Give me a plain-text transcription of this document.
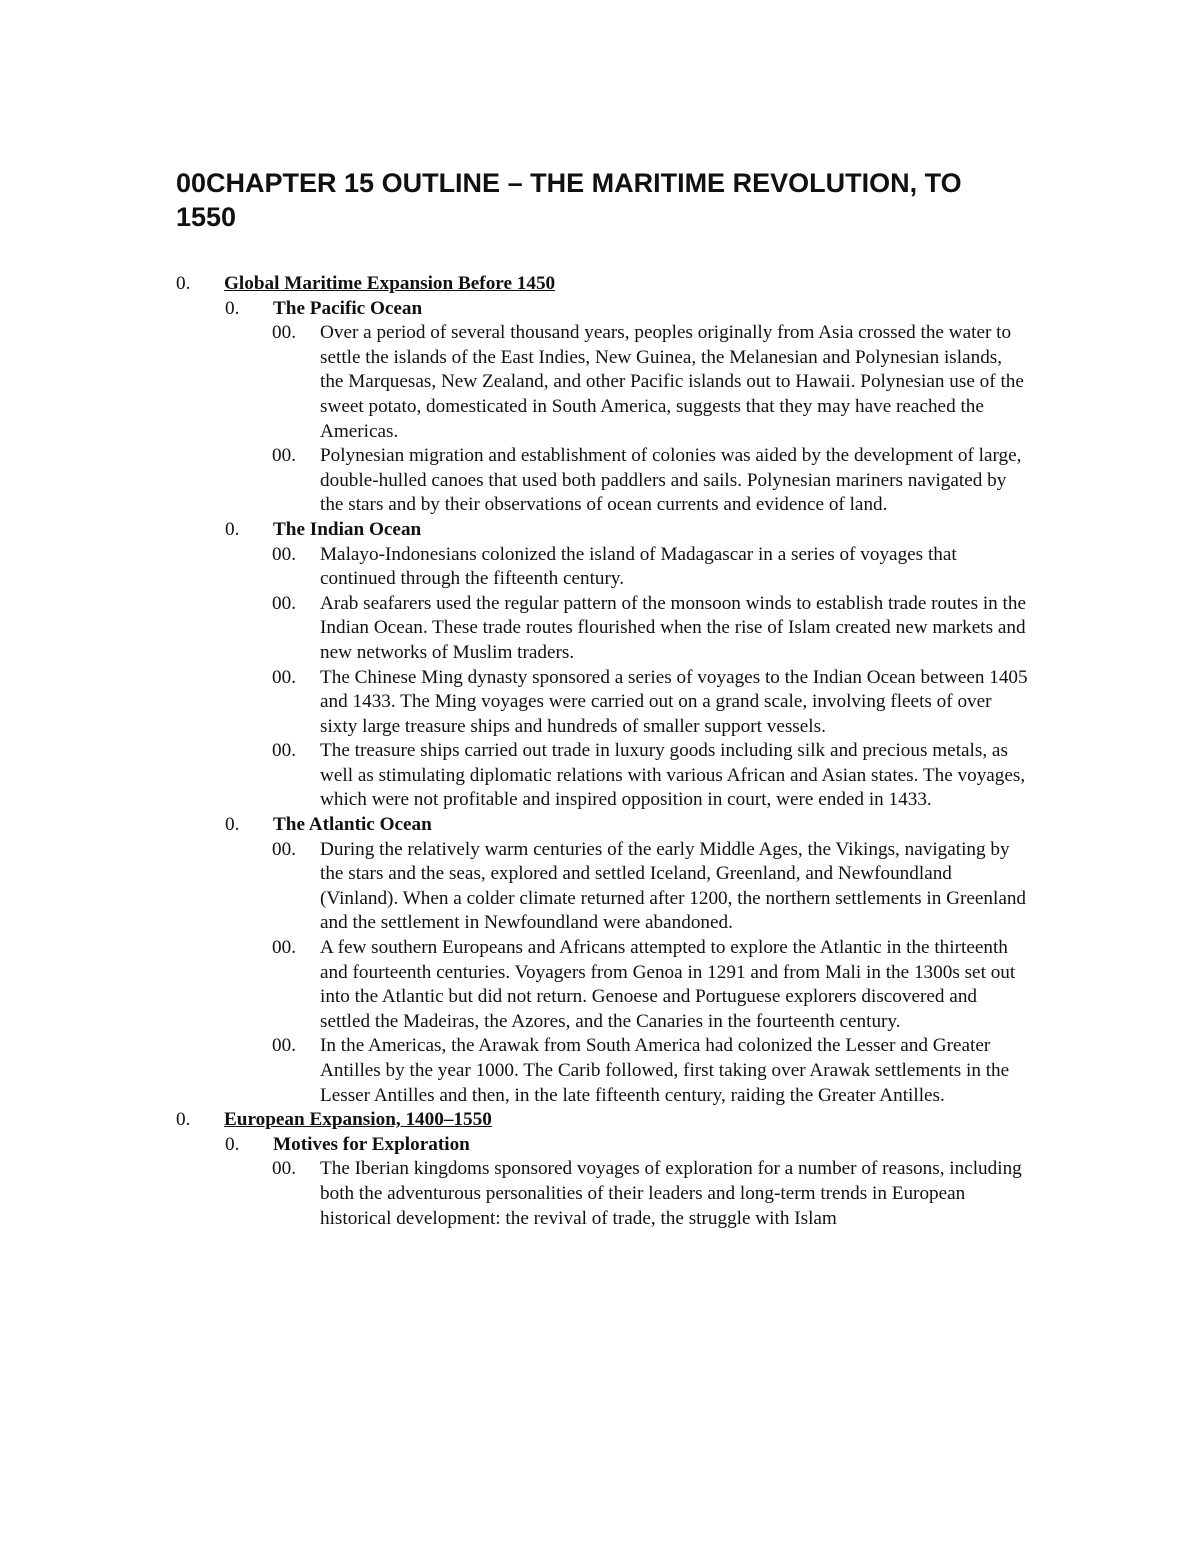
00CHAPTER 15 OUTLINE – THE MARITIME REVOLUTION, TO 1550
0. Global Maritime Expansion Before 1450
0. The Pacific Ocean
00. Over a period of several thousand years, peoples originally from Asia crossed the water to settle the islands of the East Indies, New Guinea, the Melanesian and Polynesian islands, the Marquesas, New Zealand, and other Pacific islands out to Hawaii. Polynesian use of the sweet potato, domesticated in South America, suggests that they may have reached the Americas.
00. Polynesian migration and establishment of colonies was aided by the development of large, double-hulled canoes that used both paddlers and sails. Polynesian mariners navigated by the stars and by their observations of ocean currents and evidence of land.
0. The Indian Ocean
00. Malayo-Indonesians colonized the island of Madagascar in a series of voyages that continued through the fifteenth century.
00. Arab seafarers used the regular pattern of the monsoon winds to establish trade routes in the Indian Ocean. These trade routes flourished when the rise of Islam created new markets and new networks of Muslim traders.
00. The Chinese Ming dynasty sponsored a series of voyages to the Indian Ocean between 1405 and 1433. The Ming voyages were carried out on a grand scale, involving fleets of over sixty large treasure ships and hundreds of smaller support vessels.
00. The treasure ships carried out trade in luxury goods including silk and precious metals, as well as stimulating diplomatic relations with various African and Asian states. The voyages, which were not profitable and inspired opposition in court, were ended in 1433.
0. The Atlantic Ocean
00. During the relatively warm centuries of the early Middle Ages, the Vikings, navigating by the stars and the seas, explored and settled Iceland, Greenland, and Newfoundland (Vinland). When a colder climate returned after 1200, the northern settlements in Greenland and the settlement in Newfoundland were abandoned.
00. A few southern Europeans and Africans attempted to explore the Atlantic in the thirteenth and fourteenth centuries. Voyagers from Genoa in 1291 and from Mali in the 1300s set out into the Atlantic but did not return. Genoese and Portuguese explorers discovered and settled the Madeiras, the Azores, and the Canaries in the fourteenth century.
00. In the Americas, the Arawak from South America had colonized the Lesser and Greater Antilles by the year 1000. The Carib followed, first taking over Arawak settlements in the Lesser Antilles and then, in the late fifteenth century, raiding the Greater Antilles.
0. European Expansion, 1400–1550
0. Motives for Exploration
00. The Iberian kingdoms sponsored voyages of exploration for a number of reasons, including both the adventurous personalities of their leaders and long-term trends in European historical development: the revival of trade, the struggle with Islam
